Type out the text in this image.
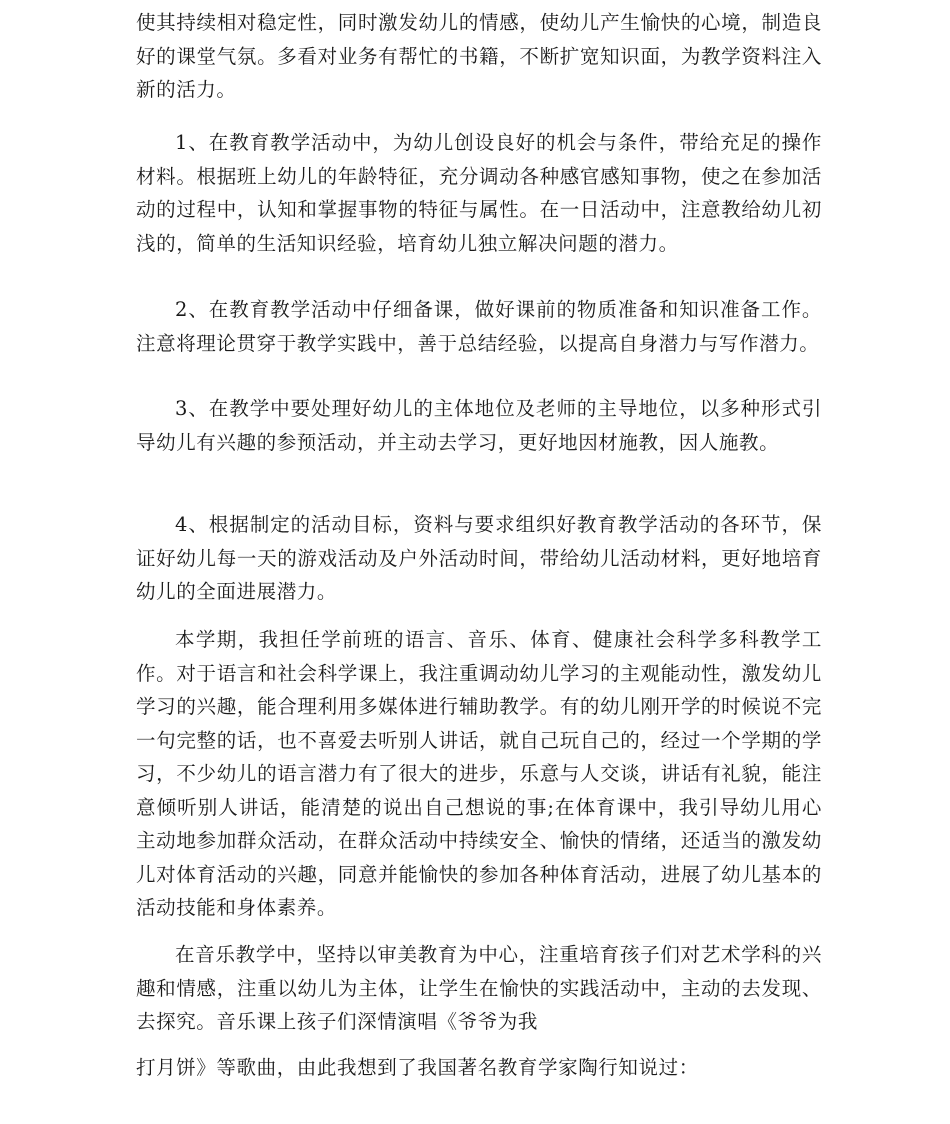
使其持续相对稳定性，同时激发幼儿的情感，使幼儿产生愉快的心境，制造良好的课堂气氛。多看对业务有帮忙的书籍，不断扩宽知识面，为教学资料注入新的活力。

1、在教育教学活动中，为幼儿创设良好的机会与条件，带给充足的操作材料。根据班上幼儿的年龄特征，充分调动各种感官感知事物，使之在参加活动的过程中，认知和掌握事物的特征与属性。在一日活动中，注意教给幼儿初浅的，简单的生活知识经验，培育幼儿独立解决问题的潜力。

2、在教育教学活动中仔细备课，做好课前的物质准备和知识准备工作。注意将理论贯穿于教学实践中，善于总结经验，以提高自身潜力与写作潜力。

3、在教学中要处理好幼儿的主体地位及老师的主导地位，以多种形式引导幼儿有兴趣的参预活动，并主动去学习，更好地因材施教，因人施教。

4、根据制定的活动目标，资料与要求组织好教育教学活动的各环节，保证好幼儿每一天的游戏活动及户外活动时间，带给幼儿活动材料，更好地培育幼儿的全面进展潜力。

本学期，我担任学前班的语言、音乐、体育、健康社会科学多科教学工作。对于语言和社会科学课上，我注重调动幼儿学习的主观能动性，激发幼儿学习的兴趣，能合理利用多媒体进行辅助教学。有的幼儿刚开学的时候说不完一句完整的话，也不喜爱去听别人讲话，就自己玩自己的，经过一个学期的学习，不少幼儿的语言潜力有了很大的进步，乐意与人交谈，讲话有礼貌，能注意倾听别人讲话，能清楚的说出自己想说的事;在体育课中，我引导幼儿用心主动地参加群众活动，在群众活动中持续安全、愉快的情绪，还适当的激发幼儿对体育活动的兴趣，同意并能愉快的参加各种体育活动，进展了幼儿基本的活动技能和身体素养。

在音乐教学中，坚持以审美教育为中心，注重培育孩子们对艺术学科的兴趣和情感，注重以幼儿为主体，让学生在愉快的实践活动中，主动的去发现、去探究。音乐课上孩子们深情演唱《爷爷为我

打月饼》等歌曲，由此我想到了我国著名教育学家陶行知说过：
